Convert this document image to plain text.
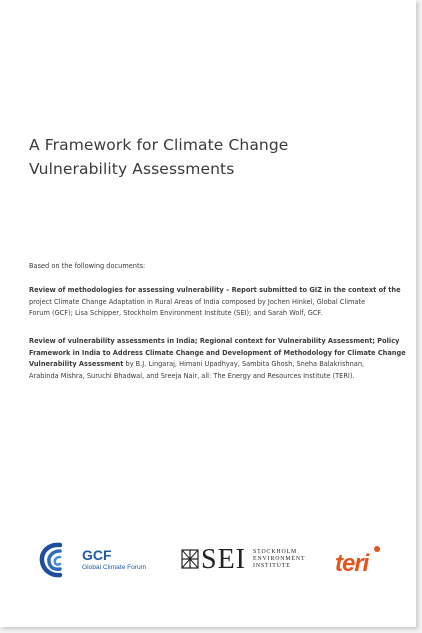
A Framework for Climate Change
Vulnerability Assessments
Based on the following documents:
Review of methodologies for assessing vulnerability – Report submitted to GIZ in the context of the
project Climate Change Adaptation in Rural Areas of India composed by Jochen Hinkel, Global Climate
Forum (GCF); Lisa Schipper, Stockholm Environment Institute (SEI); and Sarah Wolf, GCF.
Review of vulnerability assessments in India; Regional context for Vulnerability Assessment; Policy
Framework in India to Address Climate Change and Development of Methodology for Climate Change
Vulnerability Assessment by B.J. Lingaraj, Himani Upadhyay, Sambita Ghosh, Sneha Balakrishnan,
Arabinda Mishra, Suruchi Bhadwal, and Sreeja Nair, all: The Energy and Resources Institute (TERI).
GCF
Global Climate Forum SEI STOCKHOLM
ENVIRONMENT
INSTITUTE	teri
